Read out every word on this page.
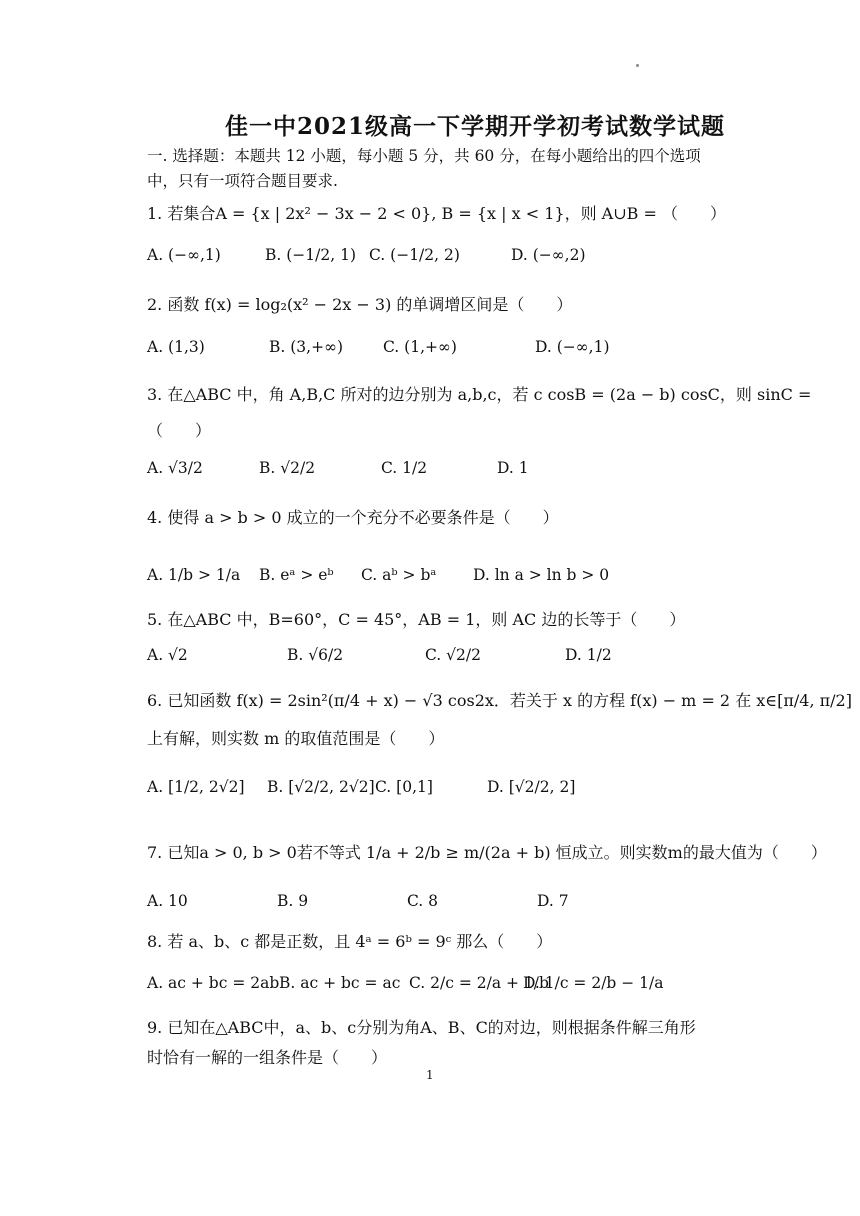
佳一中2021级高一下学期开学初考试数学试题
一. 选择题：本题共 12 小题，每小题 5 分，共 60 分，在每小题给出的四个选项中，只有一项符合题目要求.
1. 若集合A = {x | 2x² − 3x − 2 < 0}, B = {x | x < 1}，则 A∪B = （　　）
A. (−∞,1)	B. (−1/2, 1) C. (−1/2, 2)	D. (−∞,2)
2. 函数 f(x) = log₂(x² − 2x − 3) 的单调增区间是（　　）
A. (1,3)	B. (3,+∞)	C. (1,+∞)	D. (−∞,1)
3. 在△ABC 中，角 A,B,C 所对的边分别为 a,b,c，若 c cosB = (2a − b) cosC，则 sinC =
（　　）
A. √3/2	B. √2/2	C. 1/2	D. 1
4. 使得 a > b > 0 成立的一个充分不必要条件是（　　）
A. 1/b > 1/a B. eᵃ > eᵇ C. aᵇ > bᵃ D. ln a > ln b > 0
5. 在△ABC 中，B=60°，C = 45°，AB = 1，则 AC 边的长等于（　　）
A. √2	B. √6/2	C. √2/2	D. 1/2
6. 已知函数 f(x) = 2sin²(π/4 + x) − √3 cos2x．若关于 x 的方程 f(x) − m = 2 在 x∈[π/4, π/2]
上有解，则实数 m 的取值范围是（　　）
A. [1/2, 2√2] B. [√2/2, 2√2] C. [0,1]	D. [√2/2, 2]
7. 已知a > 0, b > 0若不等式 1/a + 2/b ≥ m/(2a + b) 恒成立。则实数m的最大值为（　　）
A. 10	B. 9	C. 8	D. 7
8. 若 a、b、c 都是正数，且 4ᵃ = 6ᵇ = 9ᶜ 那么（　　）
A. ac + bc = 2ab B. ac + bc = ac C. 2/c = 2/a + 1/b
D. 1/c = 2/b − 1/a
9. 已知在△ABC中，a、b、c分别为角A、B、C的对边，则根据条件解三角形
时恰有一解的一组条件是（　　）
1
